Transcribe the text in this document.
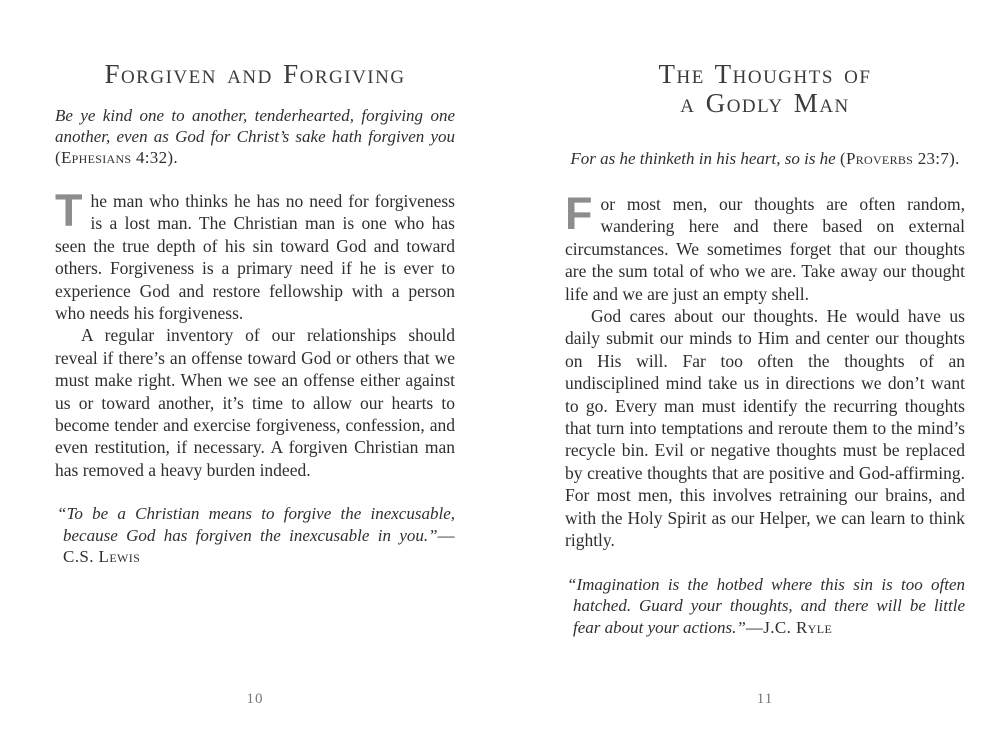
Forgiven and Forgiving

Be ye kind one to another, tenderhearted, forgiving one another, even as God for Christ’s sake hath forgiven you (Ephesians 4:32).

The man who thinks he has no need for forgiveness is a lost man. The Christian man is one who has seen the true depth of his sin toward God and toward others. Forgiveness is a primary need if he is ever to experience God and restore fellowship with a person who needs his forgiveness.

A regular inventory of our relationships should reveal if there’s an offense toward God or others that we must make right. When we see an offense either against us or toward another, it’s time to allow our hearts to become tender and exercise forgiveness, confession, and even restitution, if necessary. A forgiven Christian man has removed a heavy burden indeed.

“To be a Christian means to forgive the inexcusable, because God has forgiven the inexcusable in you.”—C.S. Lewis

The Thoughts of
a Godly Man

For as he thinketh in his heart, so is he (Proverbs 23:7).

For most men, our thoughts are often random, wandering here and there based on external circumstances. We sometimes forget that our thoughts are the sum total of who we are. Take away our thought life and we are just an empty shell.

God cares about our thoughts. He would have us daily submit our minds to Him and center our thoughts on His will. Far too often the thoughts of an undisciplined mind take us in directions we don’t want to go. Every man must identify the recurring thoughts that turn into temptations and reroute them to the mind’s recycle bin. Evil or negative thoughts must be replaced by creative thoughts that are positive and God-affirming. For most men, this involves retraining our brains, and with the Holy Spirit as our Helper, we can learn to think rightly.

“Imagination is the hotbed where this sin is too often hatched. Guard your thoughts, and there will be little fear about your actions.”—J.C. Ryle

10	11
